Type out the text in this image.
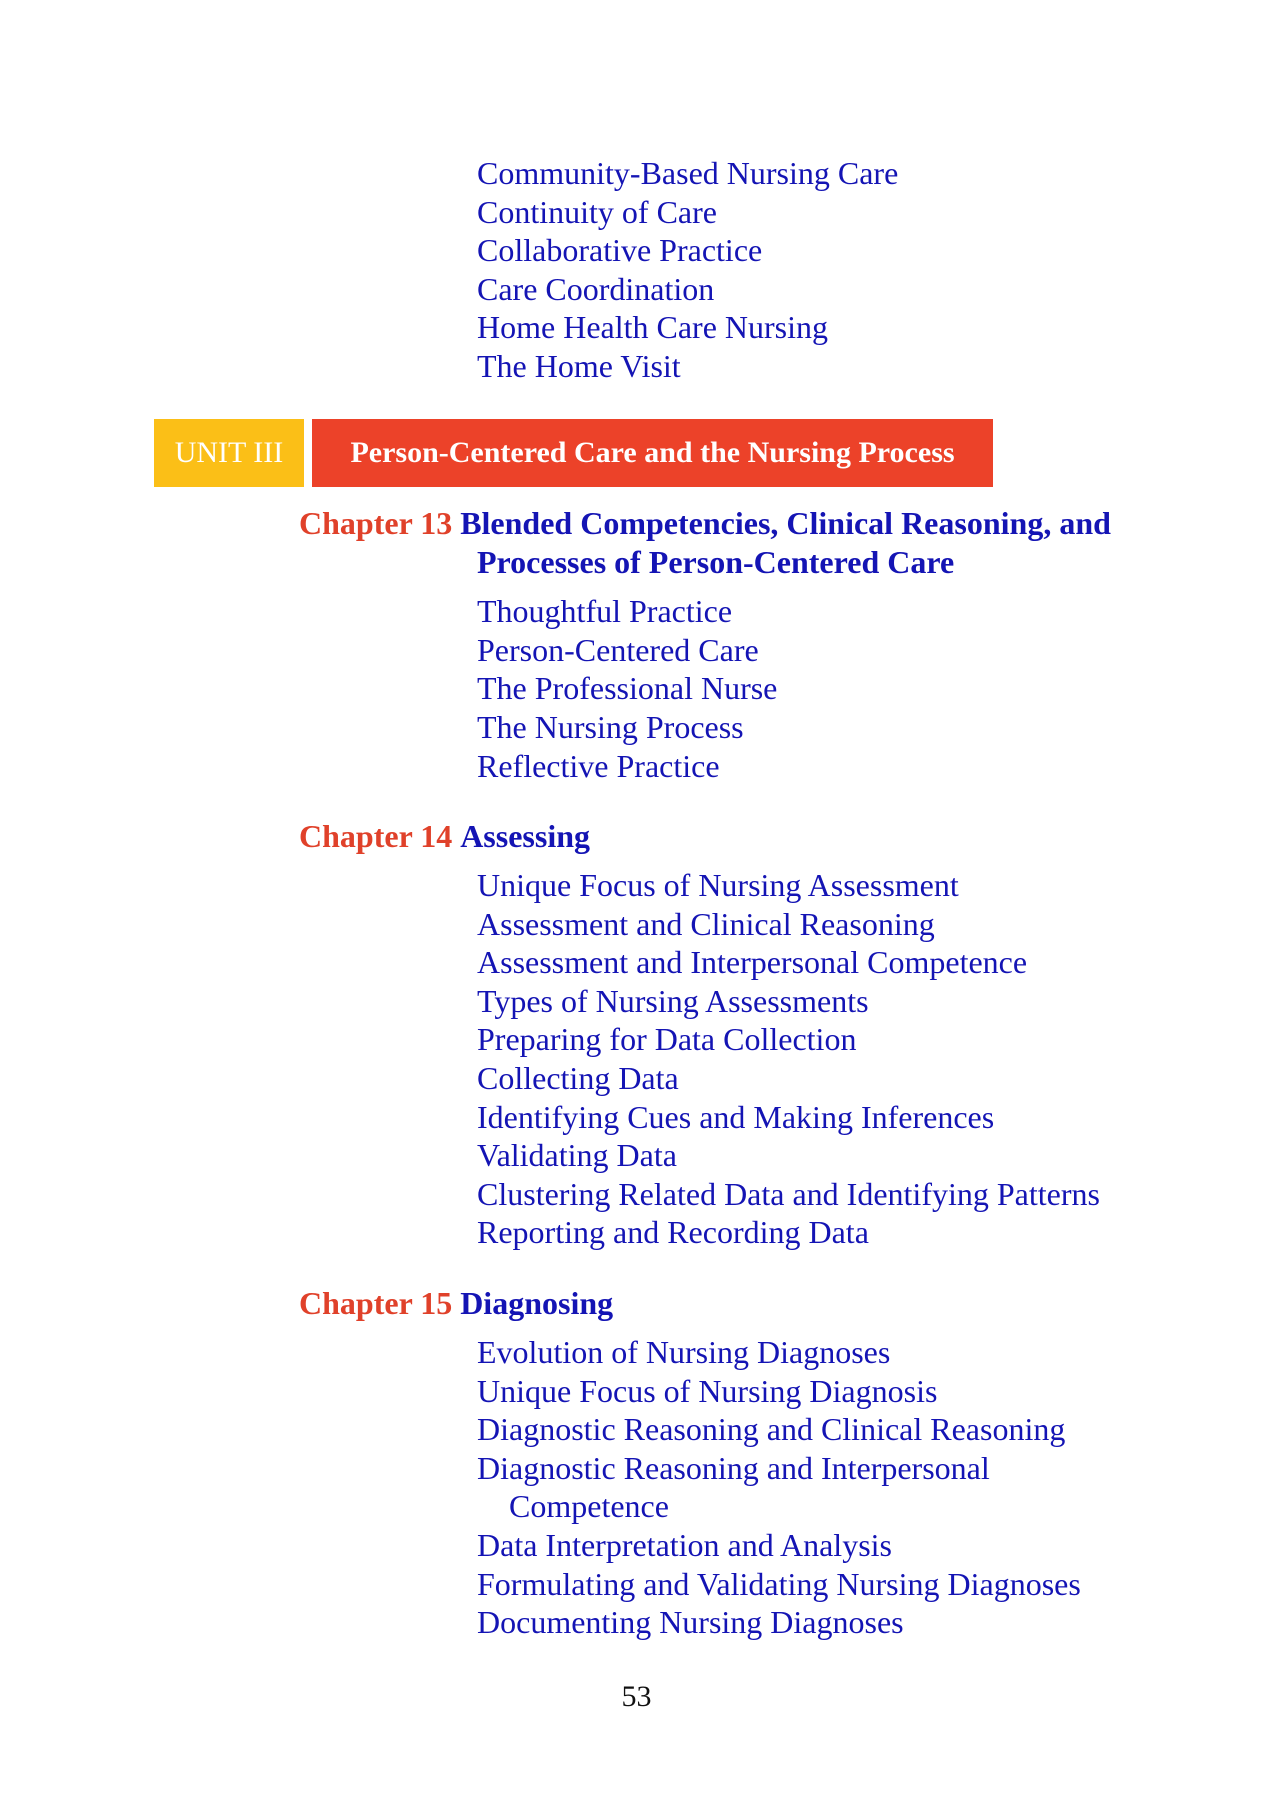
Community-Based Nursing Care
Continuity of Care
Collaborative Practice
Care Coordination
Home Health Care Nursing
The Home Visit
UNIT III	Person-Centered Care and the Nursing Process
Chapter 13 Blended Competencies, Clinical Reasoning, and
Processes of Person-Centered Care
Thoughtful Practice
Person-Centered Care
The Professional Nurse
The Nursing Process
Reflective Practice
Chapter 14 Assessing
Unique Focus of Nursing Assessment
Assessment and Clinical Reasoning
Assessment and Interpersonal Competence
Types of Nursing Assessments
Preparing for Data Collection
Collecting Data
Identifying Cues and Making Inferences
Validating Data
Clustering Related Data and Identifying Patterns
Reporting and Recording Data
Chapter 15 Diagnosing
Evolution of Nursing Diagnoses
Unique Focus of Nursing Diagnosis
Diagnostic Reasoning and Clinical Reasoning
Diagnostic Reasoning and Interpersonal
Competence
Data Interpretation and Analysis
Formulating and Validating Nursing Diagnoses
Documenting Nursing Diagnoses
53
